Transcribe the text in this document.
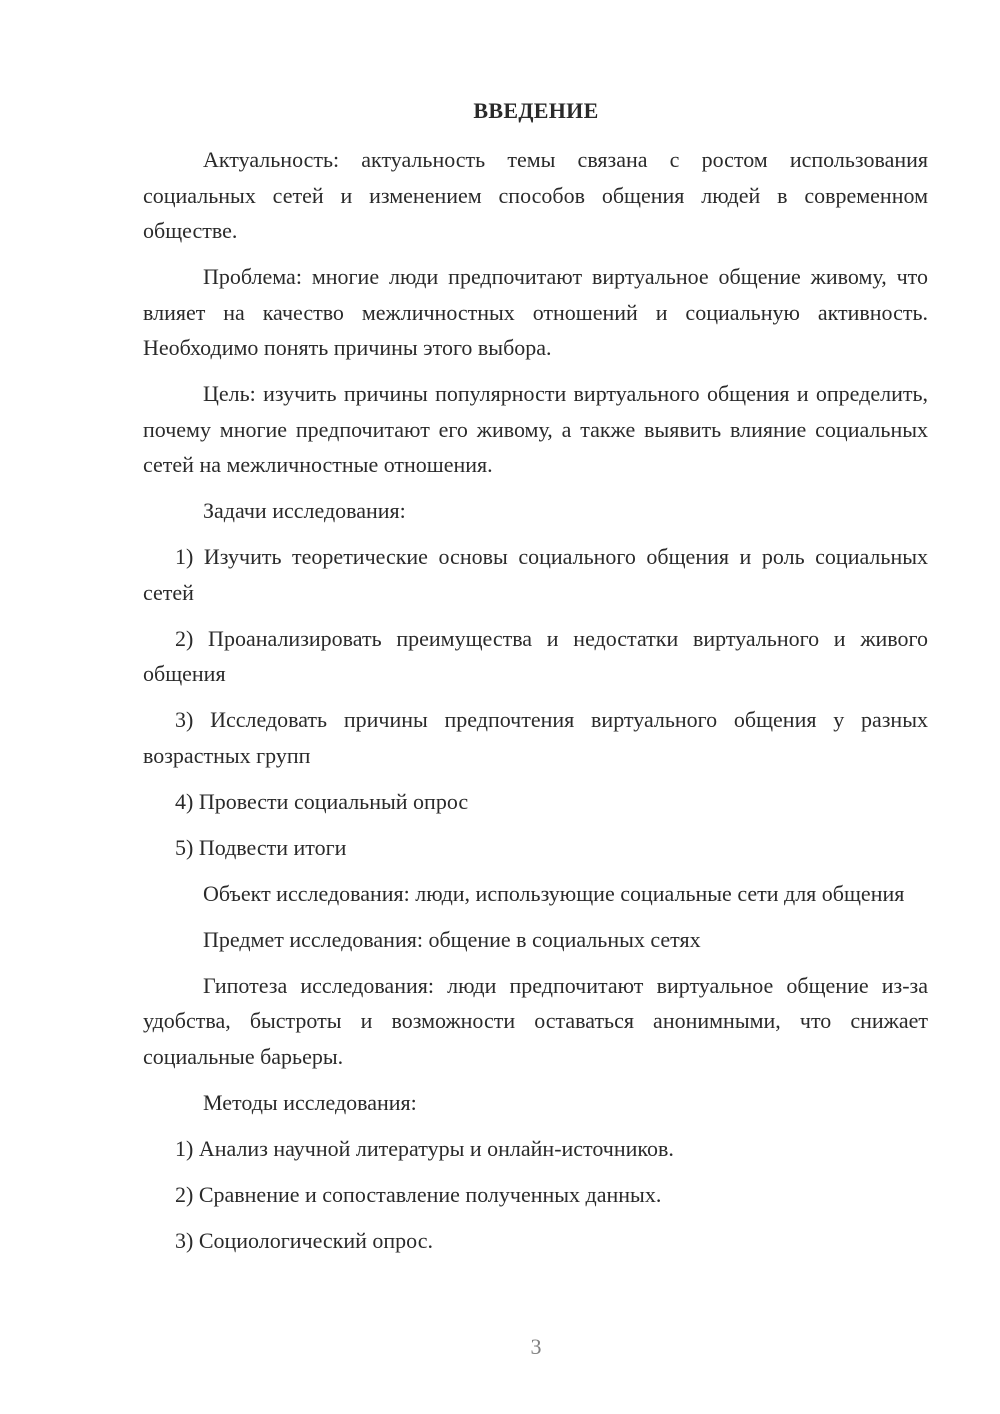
ВВЕДЕНИЕ

Актуальность: актуальность темы связана с ростом использования социальных сетей и изменением способов общения людей в современном обществе.

Проблема: многие люди предпочитают виртуальное общение живому, что влияет на качество межличностных отношений и социальную активность. Необходимо понять причины этого выбора.

Цель: изучить причины популярности виртуального общения и определить, почему многие предпочитают его живому, а также выявить влияние социальных сетей на межличностные отношения.

Задачи исследования:

1) Изучить теоретические основы социального общения и роль социальных сетей

2) Проанализировать преимущества и недостатки виртуального и живого общения

3) Исследовать причины предпочтения виртуального общения у разных возрастных групп

4) Провести социальный опрос

5) Подвести итоги

Объект исследования: люди, использующие социальные сети для общения

Предмет исследования: общение в социальных сетях

Гипотеза исследования: люди предпочитают виртуальное общение из-за удобства, быстроты и возможности оставаться анонимными, что снижает социальные барьеры.

Методы исследования:

1) Анализ научной литературы и онлайн-источников.

2) Сравнение и сопоставление полученных данных.

3) Социологический опрос.

3
